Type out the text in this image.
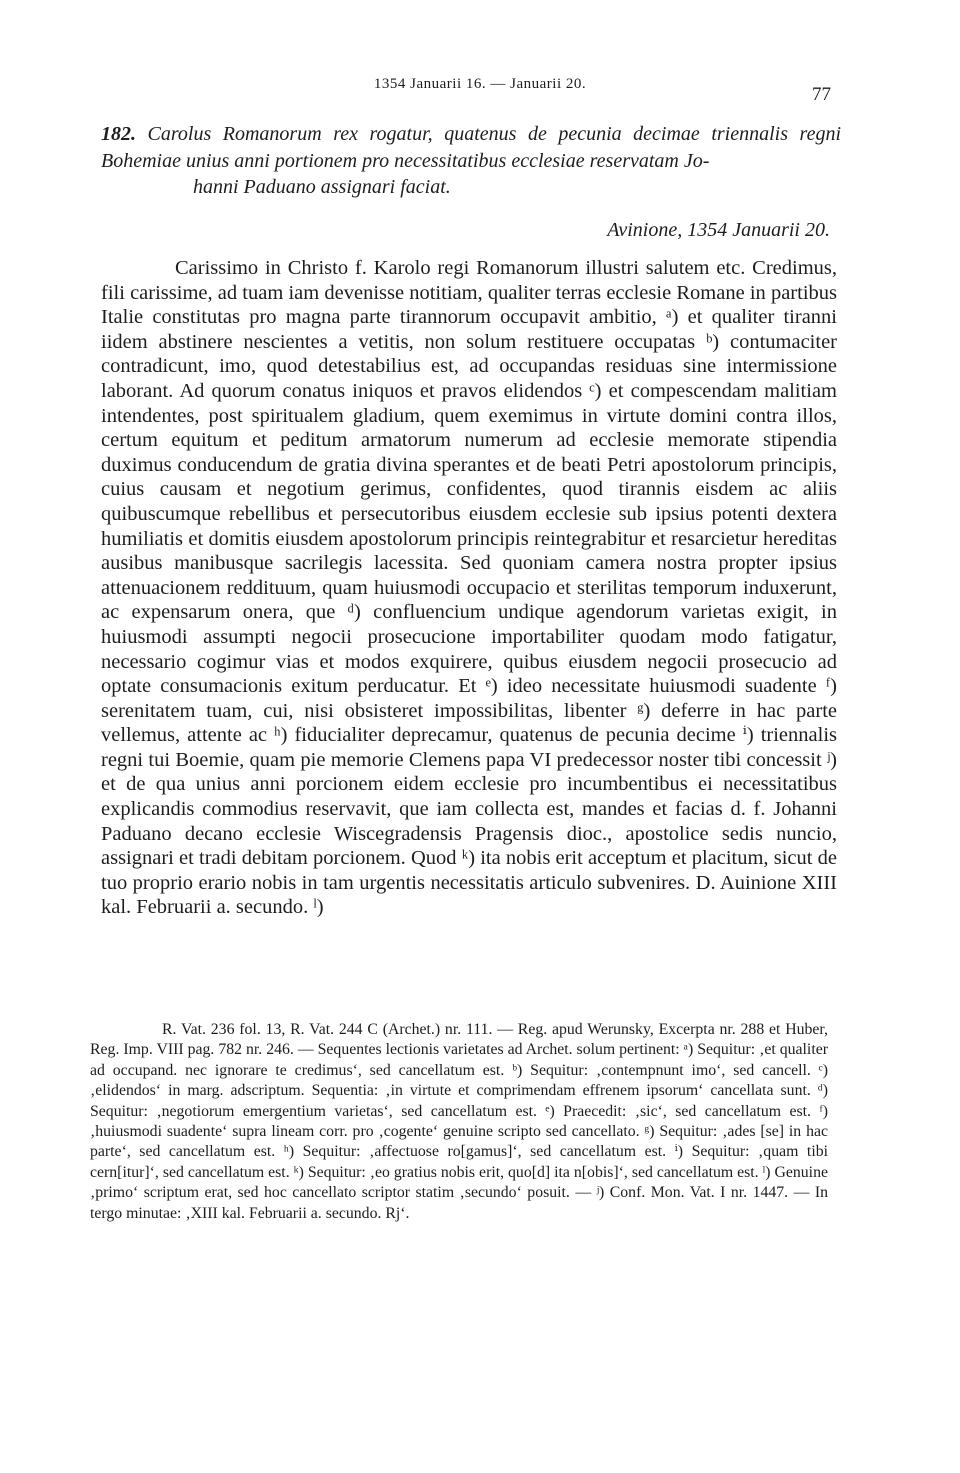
1354 Januarii 16. — Januarii 20.	77
182. Carolus Romanorum rex rogatur, quatenus de pecunia decimae triennalis regni Bohemiae unius anni portionem pro necessitatibus ecclesiae reservatam Jo-
hanni Paduano assignari faciat.
Avinione, 1354 Januarii 20.

Carissimo in Christo f. Karolo regi Romanorum illustri salutem etc. Credimus, fili carissime, ad tuam iam devenisse notitiam, qualiter terras ecclesie Romane in partibus Italie constitutas pro magna parte tirannorum occupavit ambitio, ᵃ) et qualiter tiranni iidem abstinere nescientes a vetitis, non solum restituere occupatas ᵇ) contumaciter contradicunt, imo, quod detestabilius est, ad occupandas residuas sine intermissione laborant. Ad quorum conatus iniquos et pravos elidendos ᶜ) et compescendam malitiam intendentes, post spiritualem gladium, quem exemimus in virtute domini contra illos, certum equitum et peditum armatorum numerum ad ecclesie memorate stipendia duximus conducendum de gratia divina sperantes et de beati Petri apostolorum principis, cuius causam et negotium gerimus, confidentes, quod tirannis eisdem ac aliis quibuscumque rebellibus et persecutoribus eiusdem ecclesie sub ipsius potenti dextera humiliatis et domitis eiusdem apostolorum principis reintegrabitur et resarcietur hereditas ausibus manibusque sacrilegis lacessita. Sed quoniam camera nostra propter ipsius attenuacionem reddituum, quam huiusmodi occupacio et sterilitas temporum induxerunt, ac expensarum onera, que ᵈ) confluencium undique agendorum varietas exigit, in huiusmodi assumpti negocii prosecucione importabiliter quodam modo fatigatur, necessario cogimur vias et modos exquirere, quibus eiusdem negocii prosecucio ad optate consumacionis exitum perducatur. Et ᵉ) ideo necessitate huiusmodi suadente ᶠ) serenitatem tuam, cui, nisi obsisteret impossibilitas, libenter ᵍ) deferre in hac parte vellemus, attente ac ʰ) fiducialiter deprecamur, quatenus de pecunia decime ⁱ) triennalis regni tui Boemie, quam pie memorie Clemens papa VI predecessor noster tibi concessit ʲ) et de qua unius anni porcionem eidem ecclesie pro incumbentibus ei necessitatibus explicandis commodius reservavit, que iam collecta est, mandes et facias d. f. Johanni Paduano decano ecclesie Wiscegradensis Pragensis dioc., apostolice sedis nuncio, assignari et tradi debitam porcionem. Quod ᵏ) ita nobis erit acceptum et placitum, sicut de tuo proprio erario nobis in tam urgentis necessitatis articulo subvenires. D. Auinione XIII kal. Februarii a. secundo. ˡ)

R. Vat. 236 fol. 13, R. Vat. 244 C (Archet.) nr. 111. — Reg. apud Werunsky, Excerpta nr. 288 et Huber, Reg. Imp. VIII pag. 782 nr. 246. — Sequentes lectionis varietates ad Archet. solum pertinent: ᵃ) Sequitur: ‚et qualiter ad occupand. nec ignorare te credimus‘, sed cancellatum est. ᵇ) Sequitur: ‚contempnunt imo‘, sed cancell. ᶜ) ‚elidendos‘ in marg. adscriptum. Sequentia: ‚in virtute et comprimendam effrenem ipsorum‘ cancellata sunt. ᵈ) Sequitur: ‚negotiorum emergentium varietas‘, sed cancellatum est. ᵉ) Praecedit: ‚sic‘, sed cancellatum est. ᶠ) ‚huiusmodi suadente‘ supra lineam corr. pro ‚cogente‘ genuine scripto sed cancellato. ᵍ) Sequitur: ‚ades [se] in hac parte‘, sed cancellatum est. ʰ) Sequitur: ‚affectuose ro[gamus]‘, sed cancellatum est. ⁱ) Sequitur: ‚quam tibi cern[itur]‘, sed cancellatum est. ᵏ) Sequitur: ‚eo gratius nobis erit, quo[d] ita n[obis]‘, sed cancellatum est. ˡ) Genuine ‚primo‘ scriptum erat, sed hoc cancellato scriptor statim ‚secundo‘ posuit. — ʲ) Conf. Mon. Vat. I nr. 1447. — In tergo minutae: ‚XIII kal. Februarii a. secundo. Rj‘.
